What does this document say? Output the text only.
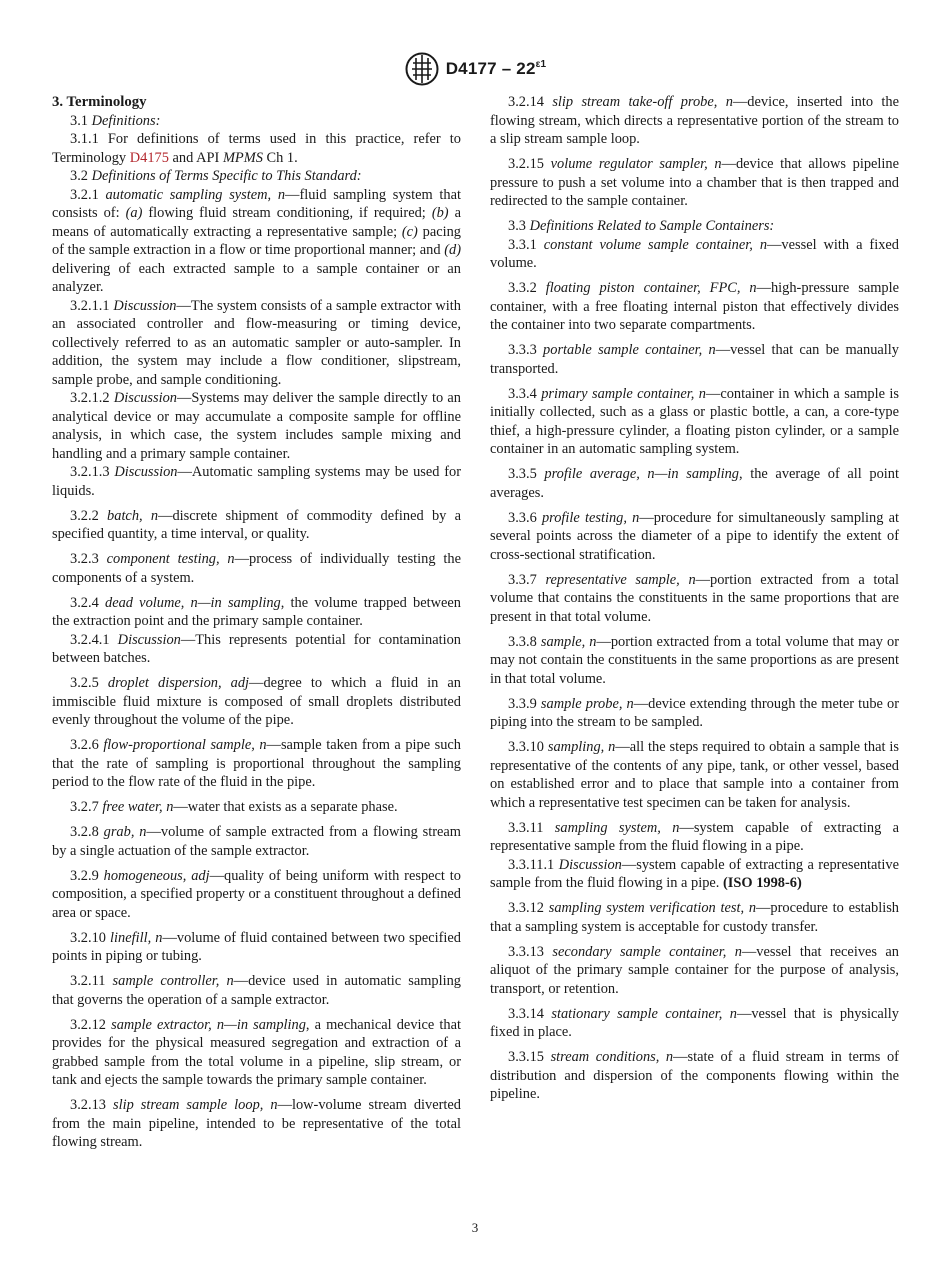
$D4177 - 22^{\varepsilon 1}$

3. Terminology

3.1 Definitions:

3.1.1 For definitions of terms used in this practice, refer to Terminology D4175 and API MPMS Ch 1.

3.2 Definitions of Terms Specific to This Standard:

3.2.1 automatic sampling system, n—fluid sampling system that consists of: (a) flowing fluid stream conditioning, if required; (b) a means of automatically extracting a representative sample; (c) pacing of the sample extraction in a flow or time proportional manner; and (d) delivering of each extracted sample to a sample container or an analyzer.

3.2.1.1 Discussion—The system consists of a sample extractor with an associated controller and flow-measuring or timing device, collectively referred to as an automatic sampler or auto-sampler. In addition, the system may include a flow conditioner, slipstream, sample probe, and sample conditioning.

3.2.1.2 Discussion—Systems may deliver the sample directly to an analytical device or may accumulate a composite sample for offline analysis, in which case, the system includes sample mixing and handling and a primary sample container.

3.2.1.3 Discussion—Automatic sampling systems may be used for liquids.

3.2.2 batch, n—discrete shipment of commodity defined by a specified quantity, a time interval, or quality.

3.2.3 component testing, n—process of individually testing the components of a system.

3.2.4 dead volume, n—in sampling, the volume trapped between the extraction point and the primary sample container.

3.2.4.1 Discussion—This represents potential for contamination between batches.

3.2.5 droplet dispersion, adj—degree to which a fluid in an immiscible fluid mixture is composed of small droplets distributed evenly throughout the volume of the pipe.

3.2.6 flow-proportional sample, n—sample taken from a pipe such that the rate of sampling is proportional throughout the sampling period to the flow rate of the fluid in the pipe.

3.2.7 free water, n—water that exists as a separate phase.

3.2.8 grab, n—volume of sample extracted from a flowing stream by a single actuation of the sample extractor.

3.2.9 homogeneous, adj—quality of being uniform with respect to composition, a specified property or a constituent throughout a defined area or space.

3.2.10 linefill, n—volume of fluid contained between two specified points in piping or tubing.

3.2.11 sample controller, n—device used in automatic sampling that governs the operation of a sample extractor.

3.2.12 sample extractor, n—in sampling, a mechanical device that provides for the physical measured segregation and extraction of a grabbed sample from the total volume in a pipeline, slip stream, or tank and ejects the sample towards the primary sample container.

3.2.13 slip stream sample loop, n—low-volume stream diverted from the main pipeline, intended to be representative of the total flowing stream.

3.2.14 slip stream take-off probe, n—device, inserted into the flowing stream, which directs a representative portion of the stream to a slip stream sample loop.

3.2.15 volume regulator sampler, n—device that allows pipeline pressure to push a set volume into a chamber that is then trapped and redirected to the sample container.

3.3 Definitions Related to Sample Containers:

3.3.1 constant volume sample container, n—vessel with a fixed volume.

3.3.2 floating piston container, FPC, n—high-pressure sample container, with a free floating internal piston that effectively divides the container into two separate compartments.

3.3.3 portable sample container, n—vessel that can be manually transported.

3.3.4 primary sample container, n—container in which a sample is initially collected, such as a glass or plastic bottle, a can, a core-type thief, a high-pressure cylinder, a floating piston cylinder, or a sample container in an automatic sampling system.

3.3.5 profile average, n—in sampling, the average of all point averages.

3.3.6 profile testing, n—procedure for simultaneously sampling at several points across the diameter of a pipe to identify the extent of cross-sectional stratification.

3.3.7 representative sample, n—portion extracted from a total volume that contains the constituents in the same proportions that are present in that total volume.

3.3.8 sample, n—portion extracted from a total volume that may or may not contain the constituents in the same proportions as are present in that total volume.

3.3.9 sample probe, n—device extending through the meter tube or piping into the stream to be sampled.

3.3.10 sampling, n—all the steps required to obtain a sample that is representative of the contents of any pipe, tank, or other vessel, based on established error and to place that sample into a container from which a representative test specimen can be taken for analysis.

3.3.11 sampling system, n—system capable of extracting a representative sample from the fluid flowing in a pipe.

3.3.11.1 Discussion—system capable of extracting a representative sample from the fluid flowing in a pipe. (ISO 1998-6)

3.3.12 sampling system verification test, n—procedure to establish that a sampling system is acceptable for custody transfer.

3.3.13 secondary sample container, n—vessel that receives an aliquot of the primary sample container for the purpose of analysis, transport, or retention.

3.3.14 stationary sample container, n—vessel that is physically fixed in place.

3.3.15 stream conditions, n—state of a fluid stream in terms of distribution and dispersion of the components flowing within the pipeline.

3
